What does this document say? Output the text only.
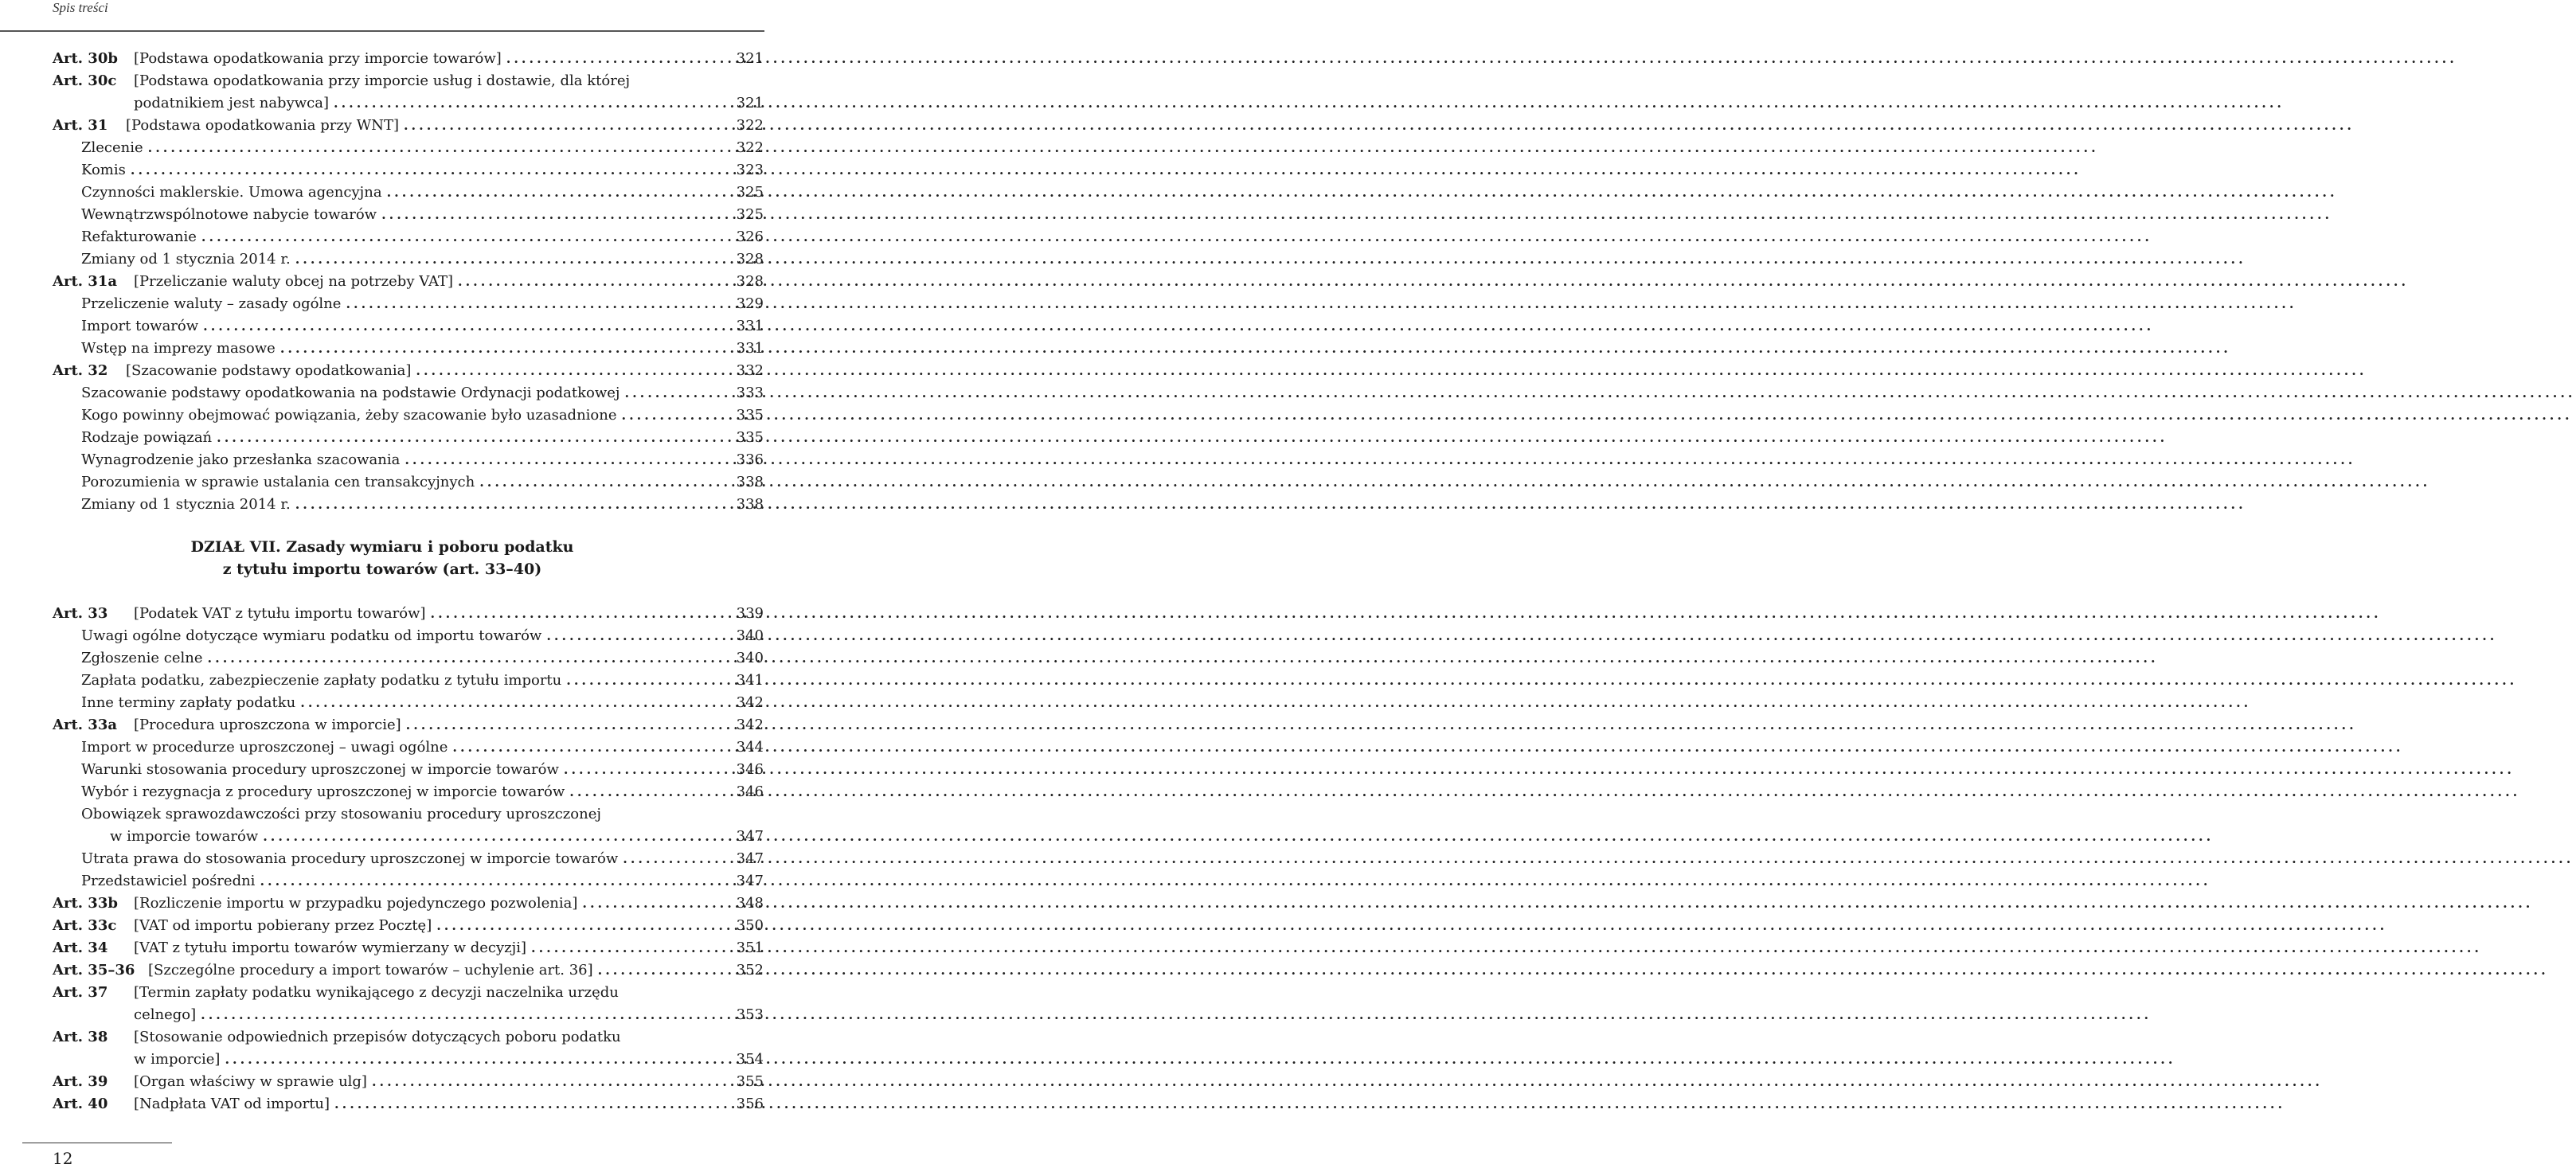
Spis treści
Art. 30b [Podstawa opodatkowania przy imporcie towarów] .....	321
Art. 30c [Podstawa opodatkowania przy imporcie usług i dostawie, dla której
podatnikiem jest nabywca] .....	321
Art. 31 [Podstawa opodatkowania przy WNT] .....	322
Zlecenie .....	322
Komis .....	323
Czynności maklerskie. Umowa agencyjna .....	325
Wewnątrzwspólnotowe nabycie towarów .....	325
Refakturowanie .....	326
Zmiany od 1 stycznia 2014 r. .....	328
Art. 31a [Przeliczanie waluty obcej na potrzeby VAT] .....	328
Przeliczenie waluty – zasady ogólne .....	329
Import towarów .....	331
Wstęp na imprezy masowe .....	331
Art. 32 [Szacowanie podstawy opodatkowania] .....	332
Szacowanie podstawy opodatkowania na podstawie Ordynacji podatkowej .....	333
Kogo powinny obejmować powiązania, żeby szacowanie było uzasadnione .....	335
Rodzaje powiązań .....	335
Wynagrodzenie jako przesłanka szacowania .....	336
Porozumienia w sprawie ustalania cen transakcyjnych .....	338
Zmiany od 1 stycznia 2014 r. .....	338
Art. 33 [Podatek VAT z tytułu importu towarów] .....	339
Uwagi ogólne dotyczące wymiaru podatku od importu towarów .....	340
Zgłoszenie celne .....	340
Zapłata podatku, zabezpieczenie zapłaty podatku z tytułu importu .....	341
Inne terminy zapłaty podatku .....	342
Art. 33a [Procedura uproszczona w imporcie] .....	342
Import w procedurze uproszczonej – uwagi ogólne .....	344
Warunki stosowania procedury uproszczonej w imporcie towarów .....	346
Wybór i rezygnacja z procedury uproszczonej w imporcie towarów .....	346
Obowiązek sprawozdawczości przy stosowaniu procedury uproszczonej
w imporcie towarów .....	347
Utrata prawa do stosowania procedury uproszczonej w imporcie towarów .....	347
Przedstawiciel pośredni .....	347
Art. 33b [Rozliczenie importu w przypadku pojedynczego pozwolenia] .....	348
Art. 33c [VAT od importu pobierany przez Pocztę] .....	350
Art. 34 [VAT z tytułu importu towarów wymierzany w decyzji] .....	351
Art. 35–36 [Szczególne procedury a import towarów – uchylenie art. 36] .....	352
Art. 37 [Termin zapłaty podatku wynikającego z decyzji naczelnika urzędu
celnego] .....	353
Art. 38 [Stosowanie odpowiednich przepisów dotyczących poboru podatku
w imporcie] .....	354
Art. 39 [Organ właściwy w sprawie ulg] .....	355
Art. 40 [Nadpłata VAT od importu] .....	356
DZIAŁ VII. Zasady wymiaru i poboru podatku
z tytułu importu towarów (art. 33–40)
12
